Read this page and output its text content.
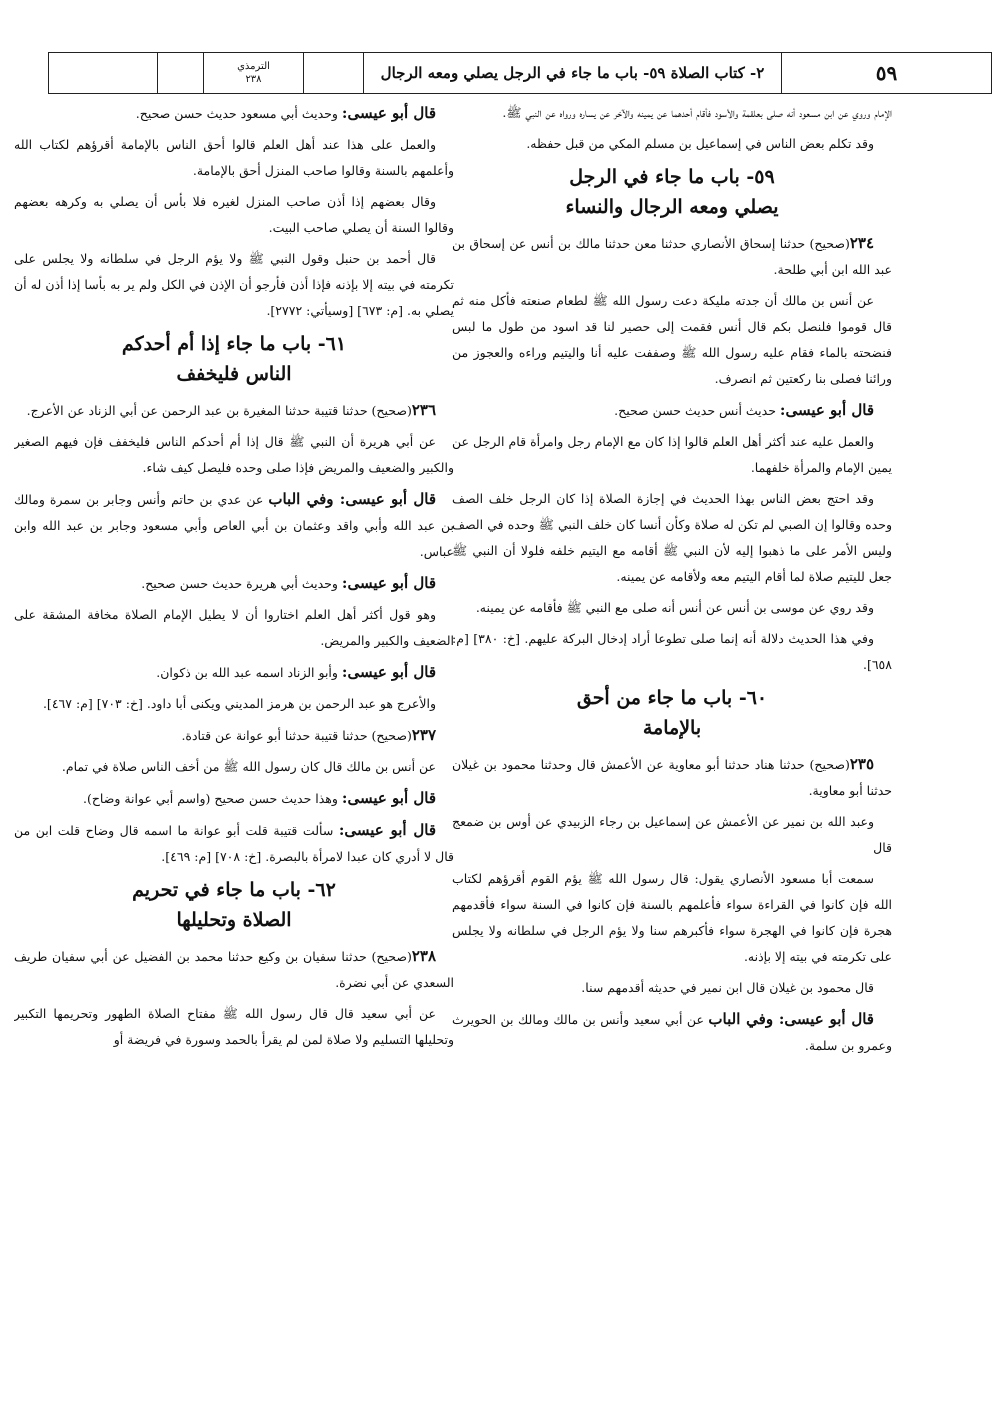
٥٩
٢- كتاب الصلاة ٥٩- باب ما جاء في الرجل يصلي ومعه الرجال
الترمذي
٢٣٨

الإمام وروي عن ابن مسعود أنه صلى بعلقمة والأسود فأقام أحدهما عن يمينه والآخر عن يساره ورواه عن النبي ﷺ.

وقد تكلم بعض الناس في إسماعيل بن مسلم المكي من قبل حفظه.

٥٩- باب ما جاء في الرجل
يصلي ومعه الرجال والنساء

٢٣٤(صحيح) حدثنا إسحاق الأنصاري حدثنا معن حدثنا مالك بن أنس عن إسحاق بن عبد الله ابن أبي طلحة.

عن أنس بن مالك أن جدته مليكة دعت رسول الله ﷺ لطعام صنعته فأكل منه ثم قال قوموا فلنصل بكم قال أنس فقمت إلى حصير لنا قد اسود من طول ما لبس فنضحته بالماء فقام عليه رسول الله ﷺ وصففت عليه أنا واليتيم وراءه والعجوز من ورائنا فصلى بنا ركعتين ثم انصرف.

قال أبو عيسى: حديث أنس حديث حسن صحيح.

والعمل عليه عند أكثر أهل العلم قالوا إذا كان مع الإمام رجل وامرأة قام الرجل عن يمين الإمام والمرأة خلفهما.

وقد احتج بعض الناس بهذا الحديث في إجازة الصلاة إذا كان الرجل خلف الصف وحده وقالوا إن الصبي لم تكن له صلاة وكأن أنسا كان خلف النبي ﷺ وحده في الصف وليس الأمر على ما ذهبوا إليه لأن النبي ﷺ أقامه مع اليتيم خلفه فلولا أن النبي ﷺ جعل لليتيم صلاة لما أقام اليتيم معه ولأقامه عن يمينه.

وقد روي عن موسى بن أنس عن أنس أنه صلى مع النبي ﷺ فأقامه عن يمينه.

وفي هذا الحديث دلالة أنه إنما صلى تطوعا أراد إدخال البركة عليهم. [خ: ٣٨٠] [م: ٦٥٨].

٦٠- باب ما جاء من أحق
بالإمامة

٢٣٥(صحيح) حدثنا هناد حدثنا أبو معاوية عن الأعمش قال وحدثنا محمود بن غيلان حدثنا أبو معاوية.

وعبد الله بن نمير عن الأعمش عن إسماعيل بن رجاء الزبيدي عن أوس بن ضمعج قال

سمعت أبا مسعود الأنصاري يقول: قال رسول الله ﷺ يؤم القوم أقرؤهم لكتاب الله فإن كانوا في القراءة سواء فأعلمهم بالسنة فإن كانوا في السنة سواء فأقدمهم هجرة فإن كانوا في الهجرة سواء فأكبرهم سنا ولا يؤم الرجل في سلطانه ولا يجلس على تكرمته في بيته إلا بإذنه.

قال محمود بن غيلان قال ابن نمير في حديثه أقدمهم سنا.

قال أبو عيسى: وفي الباب عن أبي سعيد وأنس بن مالك ومالك بن الحويرث وعمرو بن سلمة.

قال أبو عيسى: وحديث أبي مسعود حديث حسن صحيح.

والعمل على هذا عند أهل العلم قالوا أحق الناس بالإمامة أقرؤهم لكتاب الله وأعلمهم بالسنة وقالوا صاحب المنزل أحق بالإمامة.

وقال بعضهم إذا أذن صاحب المنزل لغيره فلا بأس أن يصلي به وكرهه بعضهم وقالوا السنة أن يصلي صاحب البيت.

قال أحمد بن حنبل وقول النبي ﷺ ولا يؤم الرجل في سلطانه ولا يجلس على تكرمته في بيته إلا بإذنه فإذا أذن فأرجو أن الإذن في الكل ولم ير به بأسا إذا أذن له أن يصلي به. [م: ٦٧٣] [وسيأتي: ٢٧٧٢].

٦١- باب ما جاء إذا أم أحدكم
الناس فليخفف

٢٣٦(صحيح) حدثنا قتيبة حدثنا المغيرة بن عبد الرحمن عن أبي الزناد عن الأعرج.

عن أبي هريرة أن النبي ﷺ قال إذا أم أحدكم الناس فليخفف فإن فيهم الصغير والكبير والضعيف والمريض فإذا صلى وحده فليصل كيف شاء.

قال أبو عيسى: وفي الباب عن عدي بن حاتم وأنس وجابر بن سمرة ومالك بن عبد الله وأبي واقد وعثمان بن أبي العاص وأبي مسعود وجابر بن عبد الله وابن عباس.

قال أبو عيسى: وحديث أبي هريرة حديث حسن صحيح.

وهو قول أكثر أهل العلم اختاروا أن لا يطيل الإمام الصلاة مخافة المشقة على الضعيف والكبير والمريض.

قال أبو عيسى: وأبو الزناد اسمه عبد الله بن ذكوان.

والأعرج هو عبد الرحمن بن هرمز المديني ويكنى أبا داود. [خ: ٧٠٣] [م: ٤٦٧].

٢٣٧(صحيح) حدثنا قتيبة حدثنا أبو عوانة عن قتادة.

عن أنس بن مالك قال كان رسول الله ﷺ من أخف الناس صلاة في تمام.

قال أبو عيسى: وهذا حديث حسن صحيح (واسم أبي عوانة وضاح).

قال أبو عيسى: سألت قتيبة قلت أبو عوانة ما اسمه قال وضاح قلت ابن من قال لا أدري كان عبدا لامرأة بالبصرة. [خ: ٧٠٨] [م: ٤٦٩].

٦٢- باب ما جاء في تحريم
الصلاة وتحليلها

٢٣٨(صحيح) حدثنا سفيان بن وكيع حدثنا محمد بن الفضيل عن أبي سفيان طريف السعدي عن أبي نضرة.

عن أبي سعيد قال قال رسول الله ﷺ مفتاح الصلاة الطهور وتحريمها التكبير وتحليلها التسليم ولا صلاة لمن لم يقرأ بالحمد وسورة في فريضة أو
